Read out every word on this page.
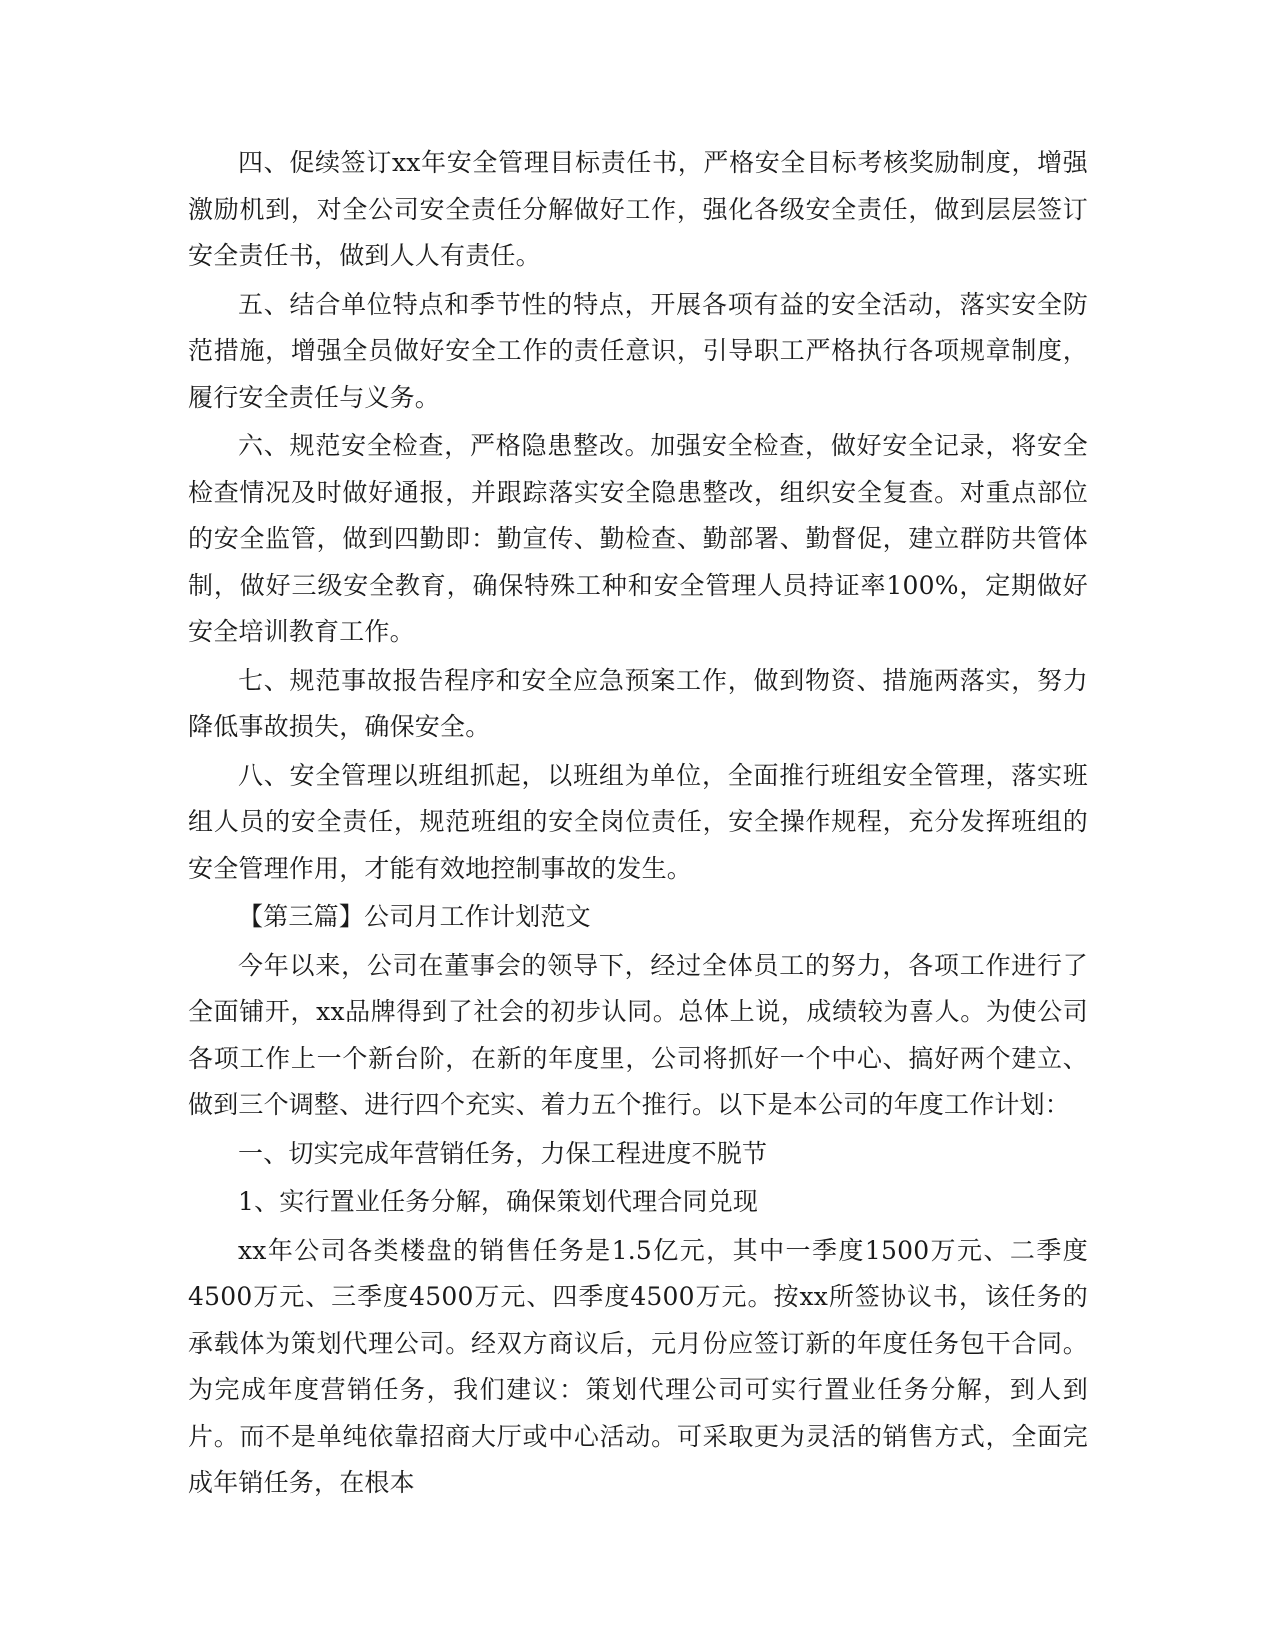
四、促续签订xx年安全管理目标责任书，严格安全目标考核奖励制度，增强激励机到，对全公司安全责任分解做好工作，强化各级安全责任，做到层层签订安全责任书，做到人人有责任。

五、结合单位特点和季节性的特点，开展各项有益的安全活动，落实安全防范措施，增强全员做好安全工作的责任意识，引导职工严格执行各项规章制度，履行安全责任与义务。

六、规范安全检查，严格隐患整改。加强安全检查，做好安全记录，将安全检查情况及时做好通报，并跟踪落实安全隐患整改，组织安全复查。对重点部位的安全监管，做到四勤即：勤宣传、勤检查、勤部署、勤督促，建立群防共管体制，做好三级安全教育，确保特殊工种和安全管理人员持证率100%，定期做好安全培训教育工作。

七、规范事故报告程序和安全应急预案工作，做到物资、措施两落实，努力降低事故损失，确保安全。

八、安全管理以班组抓起，以班组为单位，全面推行班组安全管理，落实班组人员的安全责任，规范班组的安全岗位责任，安全操作规程，充分发挥班组的安全管理作用，才能有效地控制事故的发生。

【第三篇】公司月工作计划范文

今年以来，公司在董事会的领导下，经过全体员工的努力，各项工作进行了全面铺开，xx品牌得到了社会的初步认同。总体上说，成绩较为喜人。为使公司各项工作上一个新台阶，在新的年度里，公司将抓好一个中心、搞好两个建立、做到三个调整、进行四个充实、着力五个推行。以下是本公司的年度工作计划：

一、切实完成年营销任务，力保工程进度不脱节

1、实行置业任务分解，确保策划代理合同兑现

xx年公司各类楼盘的销售任务是1.5亿元，其中一季度1500万元、二季度4500万元、三季度4500万元、四季度4500万元。按xx所签协议书，该任务的承载体为策划代理公司。经双方商议后，元月份应签订新的年度任务包干合同。为完成年度营销任务，我们建议：策划代理公司可实行置业任务分解，到人到片。而不是单纯依靠招商大厅或中心活动。可采取更为灵活的销售方式，全面完成年销任务，在根本
